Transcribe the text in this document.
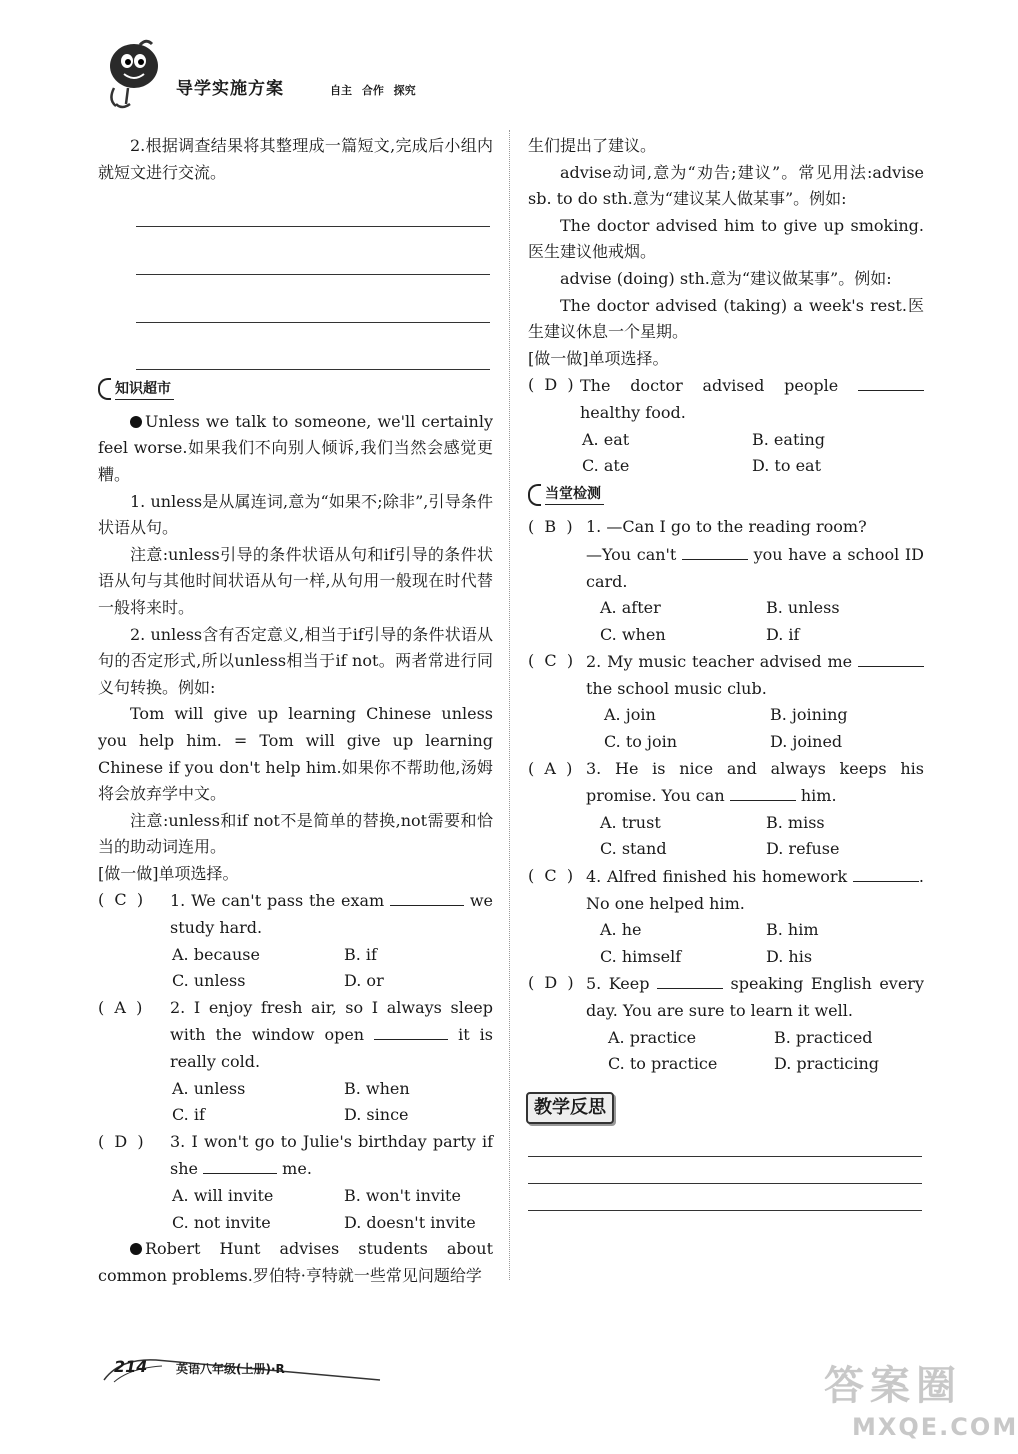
导学实施方案	自主 合作 探究

2.根据调查结果将其整理成一篇短文,完成后小组内就短文进行交流。

知识超市

Unless we talk to someone, we'll certainly feel worse.如果我们不向别人倾诉,我们当然会感觉更糟。

1. unless是从属连词,意为“如果不;除非”,引导条件状语从句。

注意:unless引导的条件状语从句和if引导的条件状语从句与其他时间状语从句一样,从句用一般现在时代替一般将来时。

2. unless含有否定意义,相当于if引导的条件状语从句的否定形式,所以unless相当于if not。两者常进行同义句转换。例如:

Tom will give up learning Chinese unless you help him. = Tom will give up learning Chinese if you don't help him.如果你不帮助他,汤姆将会放弃学中文。

注意:unless和if not不是简单的替换,not需要和恰当的助动词连用。

[做一做]单项选择。

(  C  )	1. We can't pass the exam	we study hard.
A. because	B. if
C. unless	D. or
(  A  )	2. I enjoy fresh air, so I always sleep with the window open	it is really cold.
A. unless	B. when
C. if	D. since
(  D  )	3. I won't go to Julie's birthday party if she	me.
A. will invite	B. won't invite
C. not invite	D. doesn't invite

Robert Hunt advises students about common problems.罗伯特·亨特就一些常见问题给学

生们提出了建议。

advise动词,意为“劝告;建议”。常见用法:advise sb. to do sth.意为“建议某人做某事”。例如:

The doctor advised him to give up smoking.医生建议他戒烟。

advise (doing) sth.意为“建议做某事”。例如:

The doctor advised (taking) a week's rest.医生建议休息一个星期。

[做一做]单项选择。

(  D  ) The doctor advised people  healthy food.
A. eat	B. eating
C. ate	D. to eat
当堂检测
(  B  ) 1. —Can I go to the reading room?
—You can't	you have a school ID card.
A. after	B. unless
C. when	D. if
(  C  ) 2. My music teacher advised me  the school music club.
A. join	B. joining
C. to join	D. joined
(  A  ) 3. He is nice and always keeps his promise. You can	him.
A. trust	B. miss
C. stand	D. refuse
(  C  ) 4. Alfred finished his homework	. No one helped him.
A. he	B. him
C. himself	D. his
(  D  ) 5. Keep	speaking English every day. You are sure to learn it well.
A. practice	B. practiced
C. to practice	D. practicing
教学反思
214 英语八年级(上册)·R	答案圈
MXQE.COM
